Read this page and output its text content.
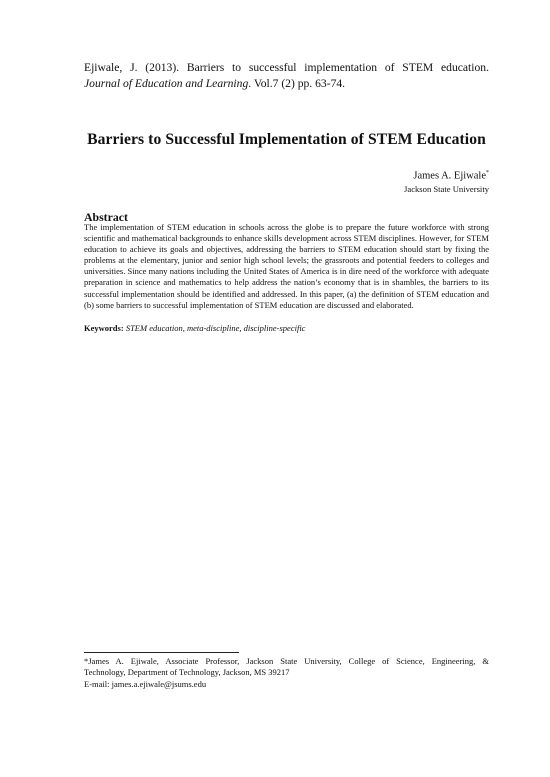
Ejiwale, J. (2013). Barriers to successful implementation of STEM education.
Journal of Education and Learning. Vol.7 (2) pp. 63-74.
Barriers to Successful Implementation of STEM Education
James A. Ejiwale*
Jackson State University
Abstract

The implementation of STEM education in schools across the globe is to prepare the future workforce with strong scientific and mathematical backgrounds to enhance skills development across STEM disciplines. However, for STEM education to achieve its goals and objectives, addressing the barriers to STEM education should start by fixing the problems at the elementary, junior and senior high school levels; the grassroots and potential feeders to colleges and universities. Since many nations including the United States of America is in dire need of the workforce with adequate preparation in science and mathematics to help address the nation’s economy that is in shambles, the barriers to its successful implementation should be identified and addressed. In this paper, (a) the definition of STEM education and (b) some barriers to successful implementation of STEM education are discussed and elaborated.

Keywords: STEM education, meta-discipline, discipline-specific

*James A. Ejiwale, Associate Professor, Jackson State University, College of Science, Engineering, &
Technology, Department of Technology, Jackson, MS 39217
E-mail: james.a.ejiwale@jsums.edu
